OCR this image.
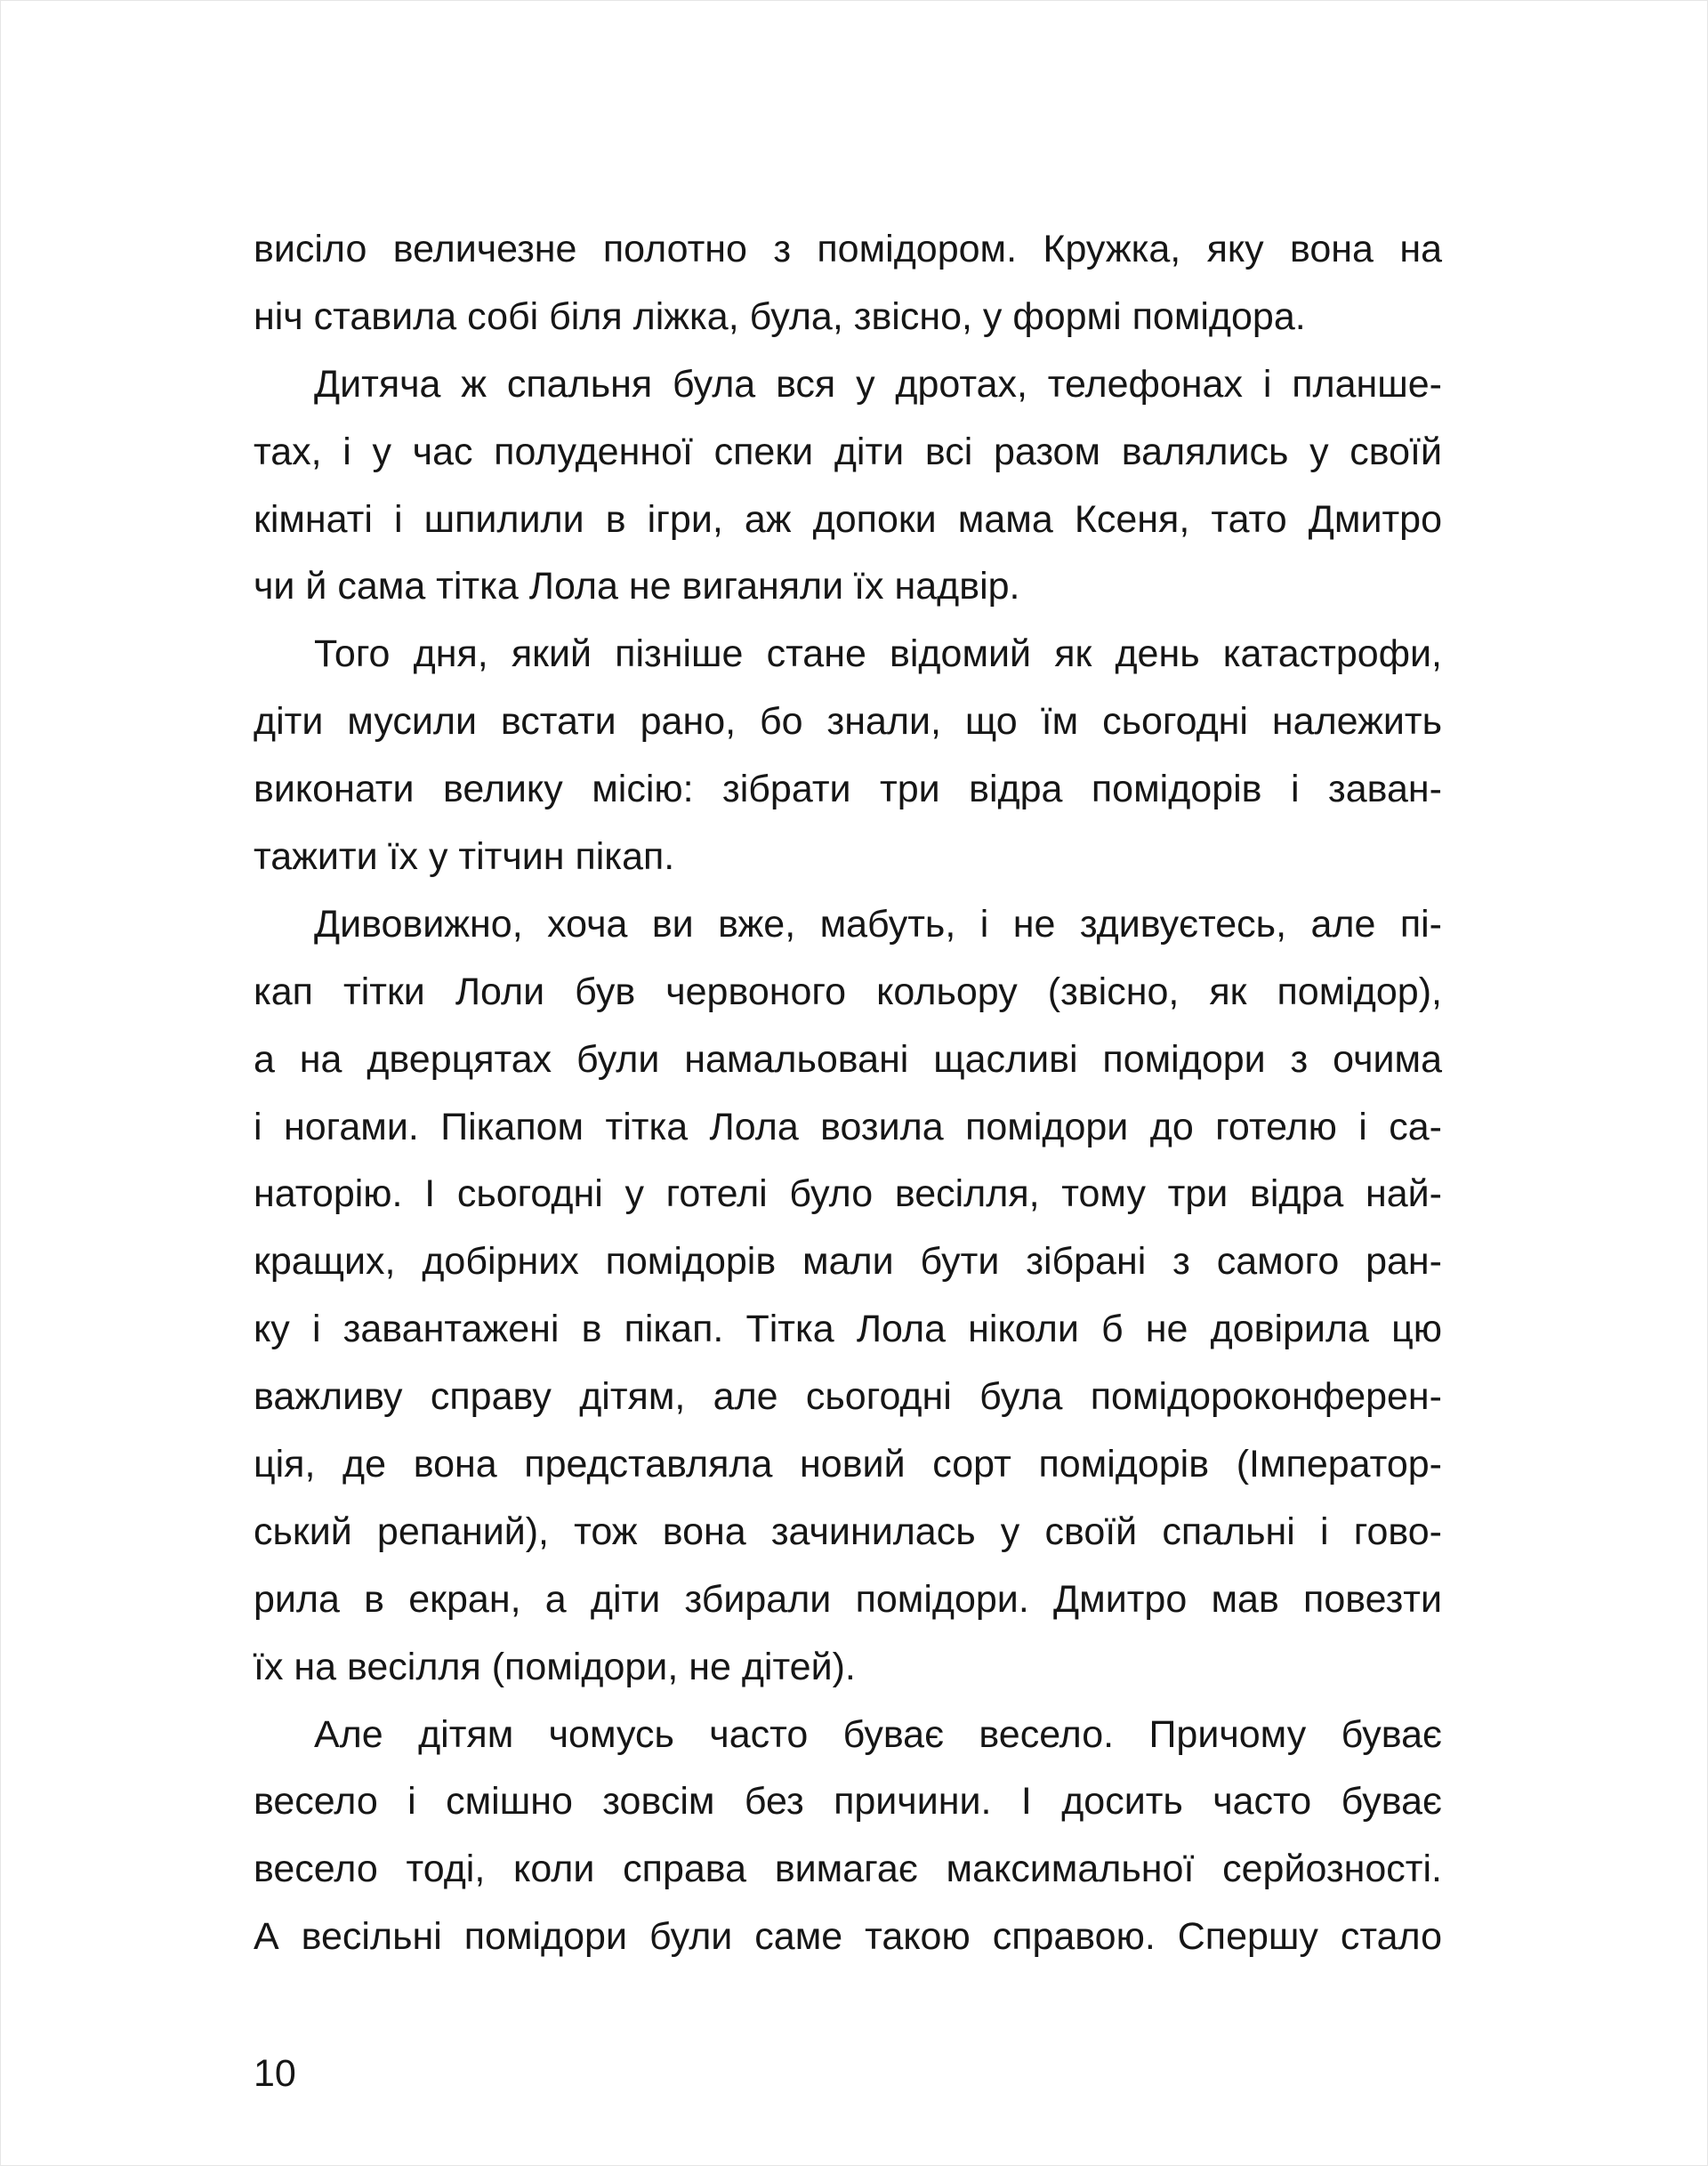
висіло величезне полотно з помідором. Кружка, яку вона на
ніч ставила собі біля ліжка, була, звісно, у формі помідора.
Дитяча ж спальня була вся у дротах, телефонах і планше-
тах, і у час полуденної спеки діти всі разом валялись у своїй
кімнаті і шпилили в ігри, аж допоки мама Ксеня, тато Дмитро
чи й сама тітка Лола не виганяли їх надвір.
Того дня, який пізніше стане відомий як день катастрофи,
діти мусили встати рано, бо знали, що їм сьогодні належить
виконати велику місію: зібрати три відра помідорів і заван-
тажити їх у тітчин пікап.
Дивовижно, хоча ви вже, мабуть, і не здивуєтесь, але пі-
кап тітки Лоли був червоного кольору (звісно, як помідор),
а на дверцятах були намальовані щасливі помідори з очима
і ногами. Пікапом тітка Лола возила помідори до готелю і са-
наторію. І сьогодні у готелі було весілля, тому три відра най-
кращих, добірних помідорів мали бути зібрані з самого ран-
ку і завантажені в пікап. Тітка Лола ніколи б не довірила цю
важливу справу дітям, але сьогодні була помідороконферен-
ція, де вона представляла новий сорт помідорів (Імператор-
ський репаний), тож вона зачинилась у своїй спальні і гово-
рила в екран, а діти збирали помідори. Дмитро мав повезти
їх на весілля (помідори, не дітей).
Але дітям чомусь часто буває весело. Причому буває
весело і смішно зовсім без причини. І досить часто буває
весело тоді, коли справа вимагає максимальної серйозності.
А весільні помідори були саме такою справою. Спершу стало
10
